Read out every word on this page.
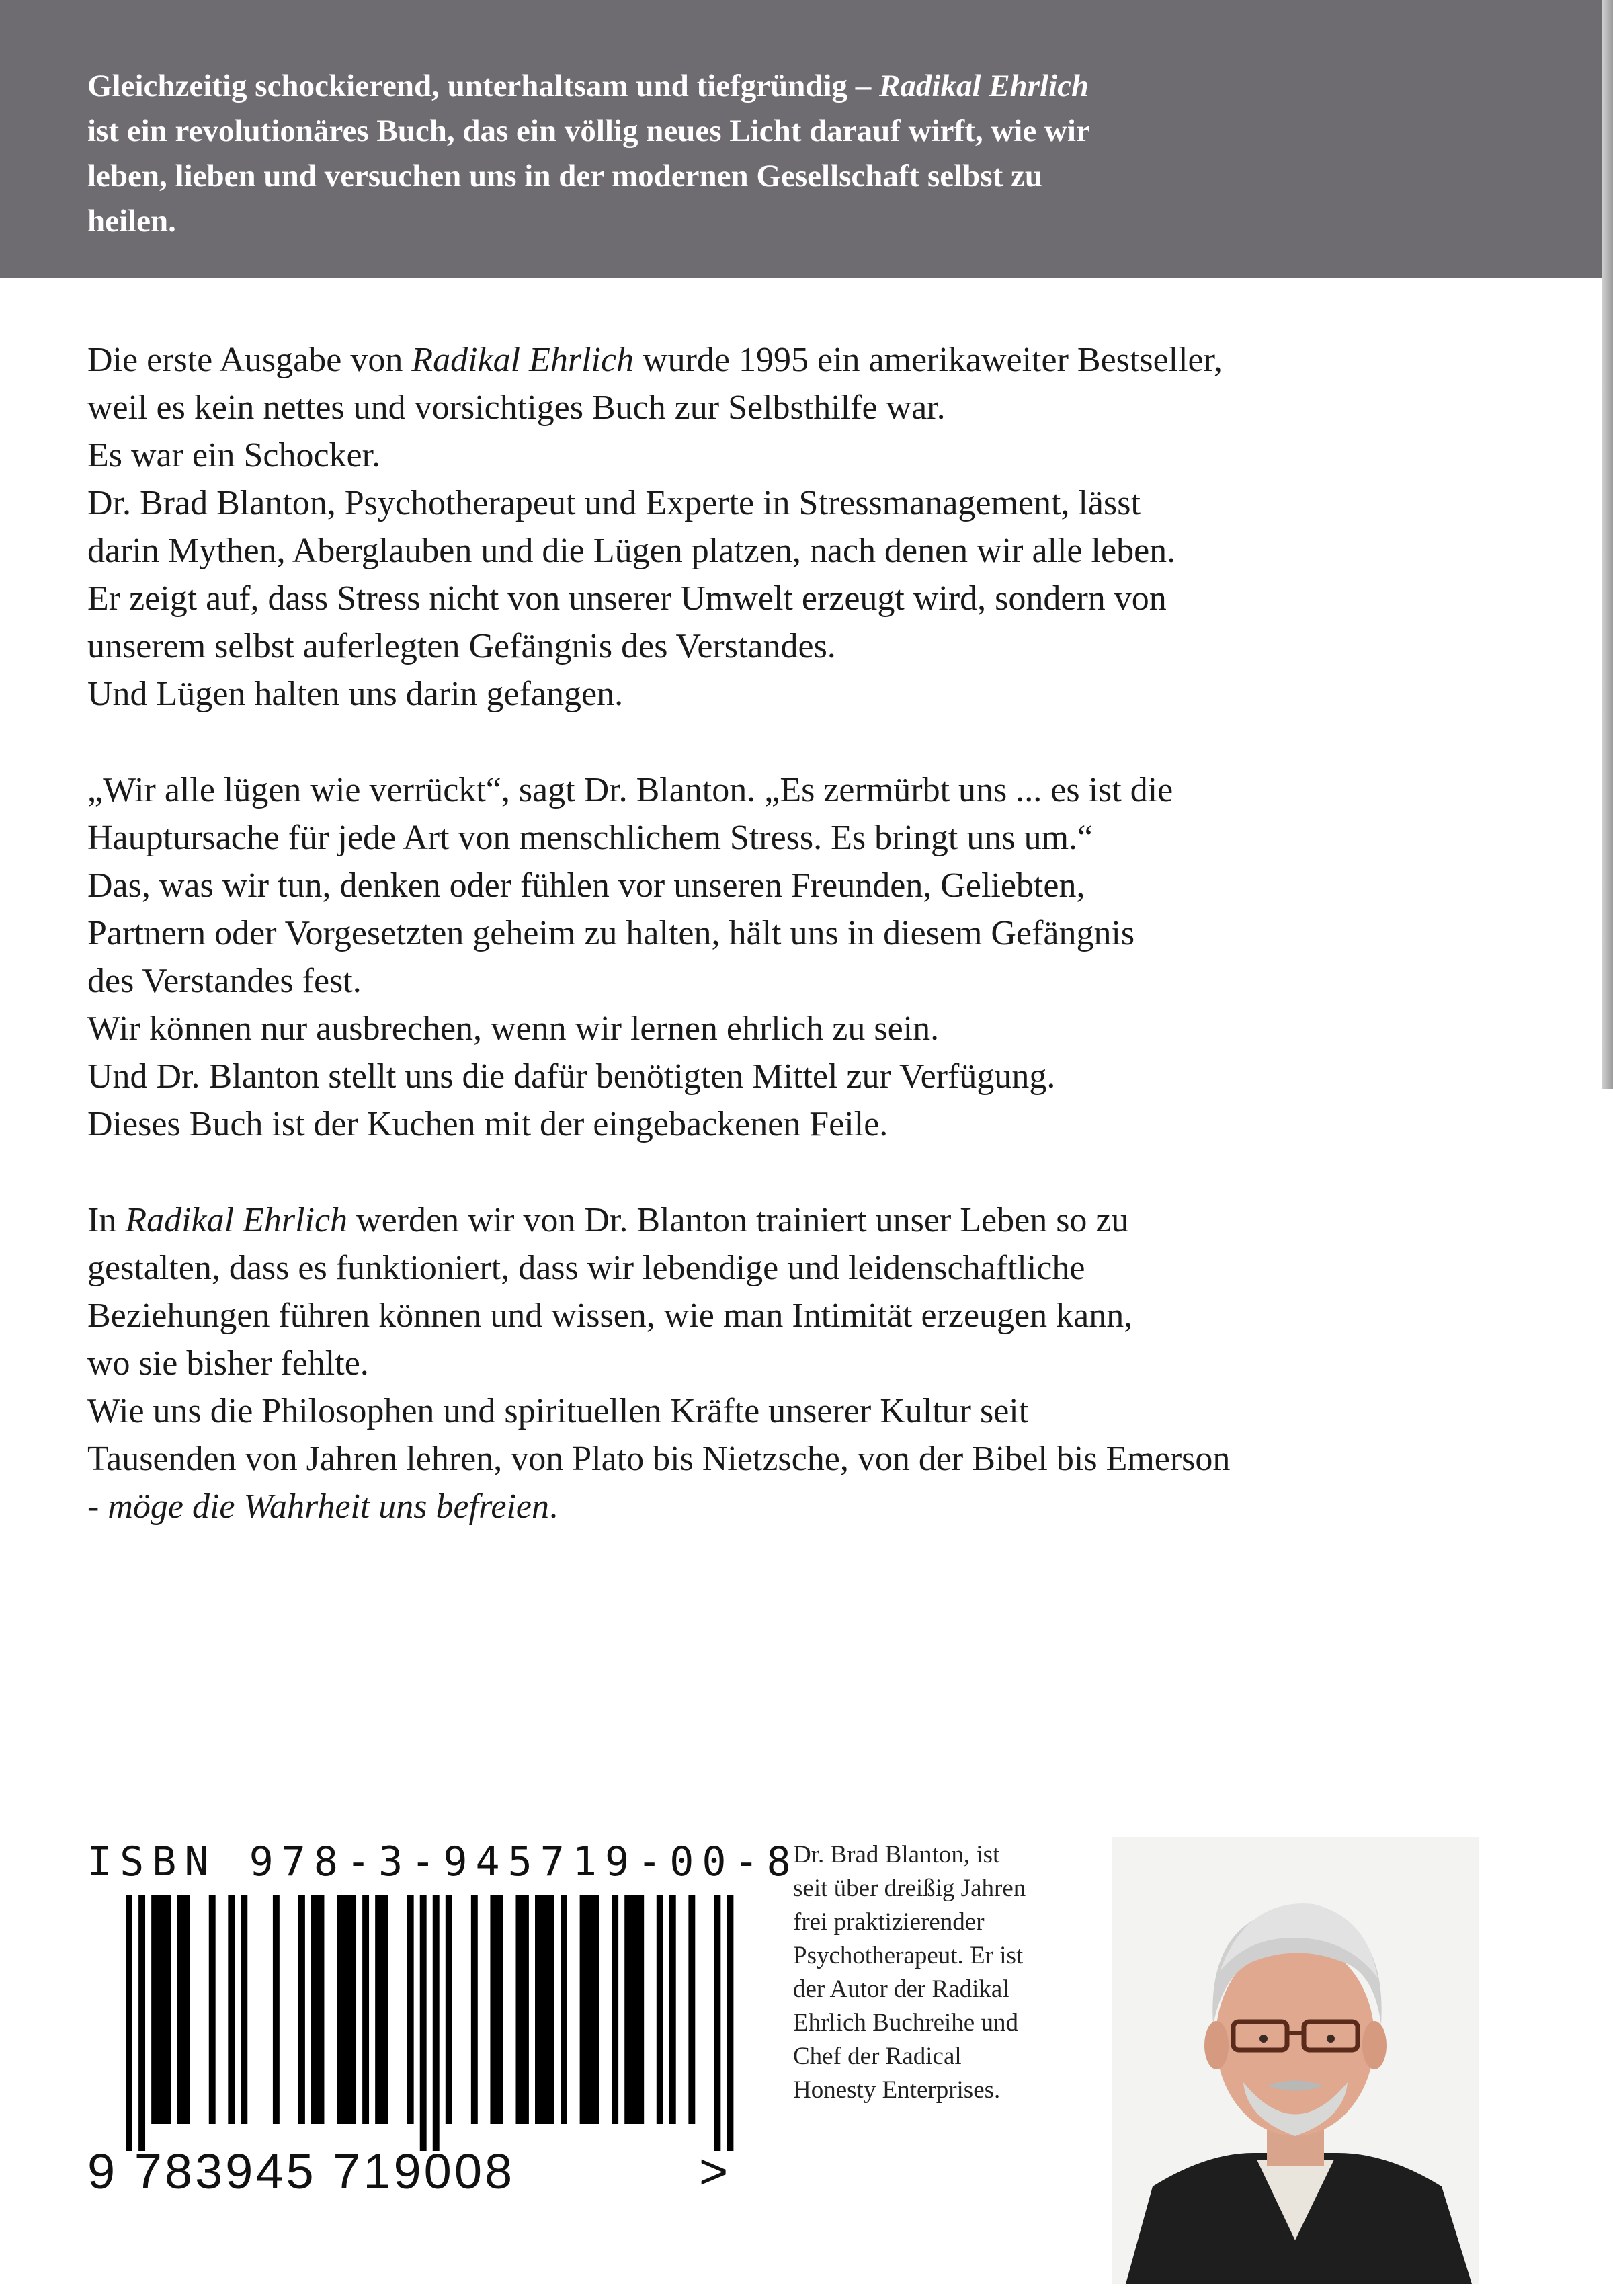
Gleichzeitig schockierend, unterhaltsam und tiefgründig – Radikal Ehrlich
ist ein revolutionäres Buch, das ein völlig neues Licht darauf wirft, wie wir
leben, lieben und versuchen uns in der modernen Gesellschaft selbst zu
heilen.

Die erste Ausgabe von Radikal Ehrlich wurde 1995 ein amerikaweiter Bestseller,
weil es kein nettes und vorsichtiges Buch zur Selbsthilfe war.
Es war ein Schocker.
Dr. Brad Blanton, Psychotherapeut und Experte in Stressmanagement, lässt
darin Mythen, Aberglauben und die Lügen platzen, nach denen wir alle leben.
Er zeigt auf, dass Stress nicht von unserer Umwelt erzeugt wird, sondern von
unserem selbst auferlegten Gefängnis des Verstandes.
Und Lügen halten uns darin gefangen.
„Wir alle lügen wie verrückt“, sagt Dr. Blanton. „Es zermürbt uns ... es ist die
Hauptursache für jede Art von menschlichem Stress. Es bringt uns um.“
Das, was wir tun, denken oder fühlen vor unseren Freunden, Geliebten,
Partnern oder Vorgesetzten geheim zu halten, hält uns in diesem Gefängnis
des Verstandes fest.
Wir können nur ausbrechen, wenn wir lernen ehrlich zu sein.
Und Dr. Blanton stellt uns die dafür benötigten Mittel zur Verfügung.
Dieses Buch ist der Kuchen mit der eingebackenen Feile.
In Radikal Ehrlich werden wir von Dr. Blanton trainiert unser Leben so zu
gestalten, dass es funktioniert, dass wir lebendige und leidenschaftliche
Beziehungen führen können und wissen, wie man Intimität erzeugen kann,
wo sie bisher fehlte.
Wie uns die Philosophen und spirituellen Kräfte unserer Kultur seit
Tausenden von Jahren lehren, von Plato bis Nietzsche, von der Bibel bis Emerson
- möge die Wahrheit uns befreien.
ISBN 978-3-945719-00-8
9 783945 719008	>
Dr. Brad Blanton, ist
seit über dreißig Jahren
frei praktizierender
Psychotherapeut. Er ist
der Autor der Radikal
Ehrlich Buchreihe und
Chef der Radical
Honesty Enterprises.
